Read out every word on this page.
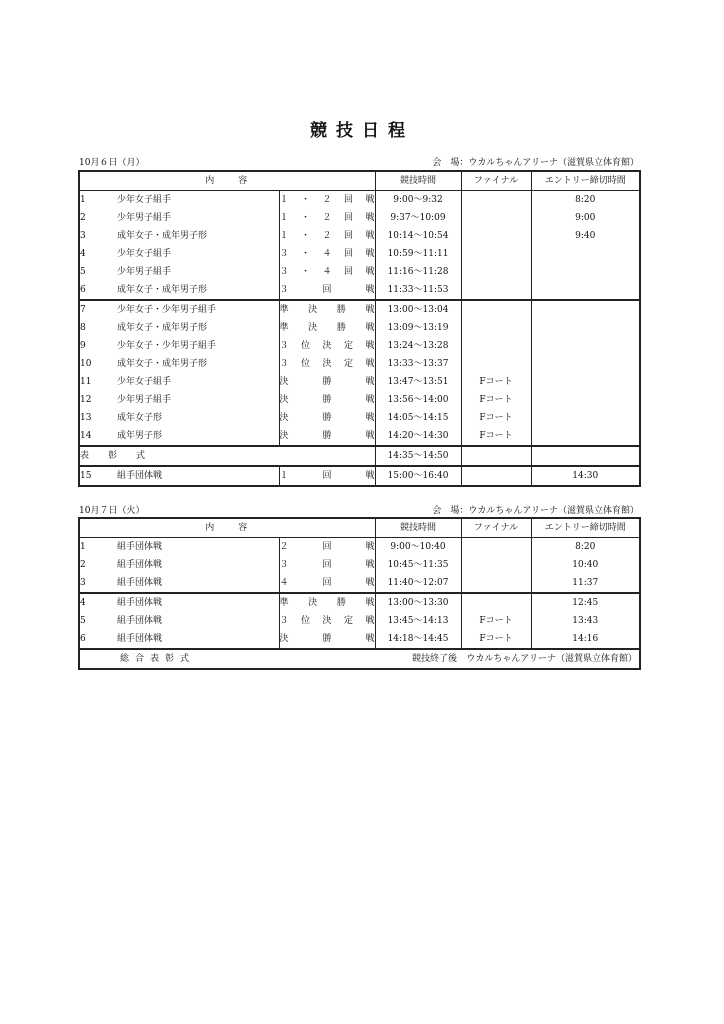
競技日程
10月６日（月）	会　場：ウカルちゃんアリーナ（滋賀県立体育館）
内　　容			競技時間	ファイナル	エントリー締切時間
1	少年女子組手	１・２回戦	9:00〜9:32		8:20
2	少年男子組手	１・２回戦	9:37〜10:09		9:00
3	成年女子・成年男子形	１・２回戦	10:14〜10:54		9:40
4	少年女子組手	３・４回戦	10:59〜11:11		
5	少年男子組手	３・４回戦	11:16〜11:28		
6	成年女子・成年男子形	３回戦	11:33〜11:53		
7	少年女子・少年男子組手	準決勝戦	13:00〜13:04		
8	成年女子・成年男子形	準決勝戦	13:09〜13:19		
9	少年女子・少年男子組手	３位決定戦	13:24〜13:28		
10	成年女子・成年男子形	３位決定戦	13:33〜13:37		
11	少年女子組手	決勝戦	13:47〜13:51	Fコート	
12	少年男子組手	決勝戦	13:56〜14:00	Fコート	
13	成年女子形	決勝戦	14:05〜14:15	Fコート	
14	成年男子形	決勝戦	14:20〜14:30	Fコート	
表彰式			14:35〜14:50		
15	組手団体戦	１回戦	15:00〜16:40		14:30
10月７日（火）	会　場：ウカルちゃんアリーナ（滋賀県立体育館）
内　　容			競技時間	ファイナル	エントリー締切時間
1	組手団体戦	２回戦	9:00〜10:40		8:20
2	組手団体戦	３回戦	10:45〜11:35		10:40
3	組手団体戦	４回戦	11:40〜12:07		11:37
4	組手団体戦	準決勝戦	13:00〜13:30		12:45
5	組手団体戦	３位決定戦	13:45〜14:13	Fコート	13:43
6	組手団体戦	決勝戦	14:18〜14:45	Fコート	14:16
総合表彰式			競技終了後	ウカルちゃんアリーナ（滋賀県立体育館）	
